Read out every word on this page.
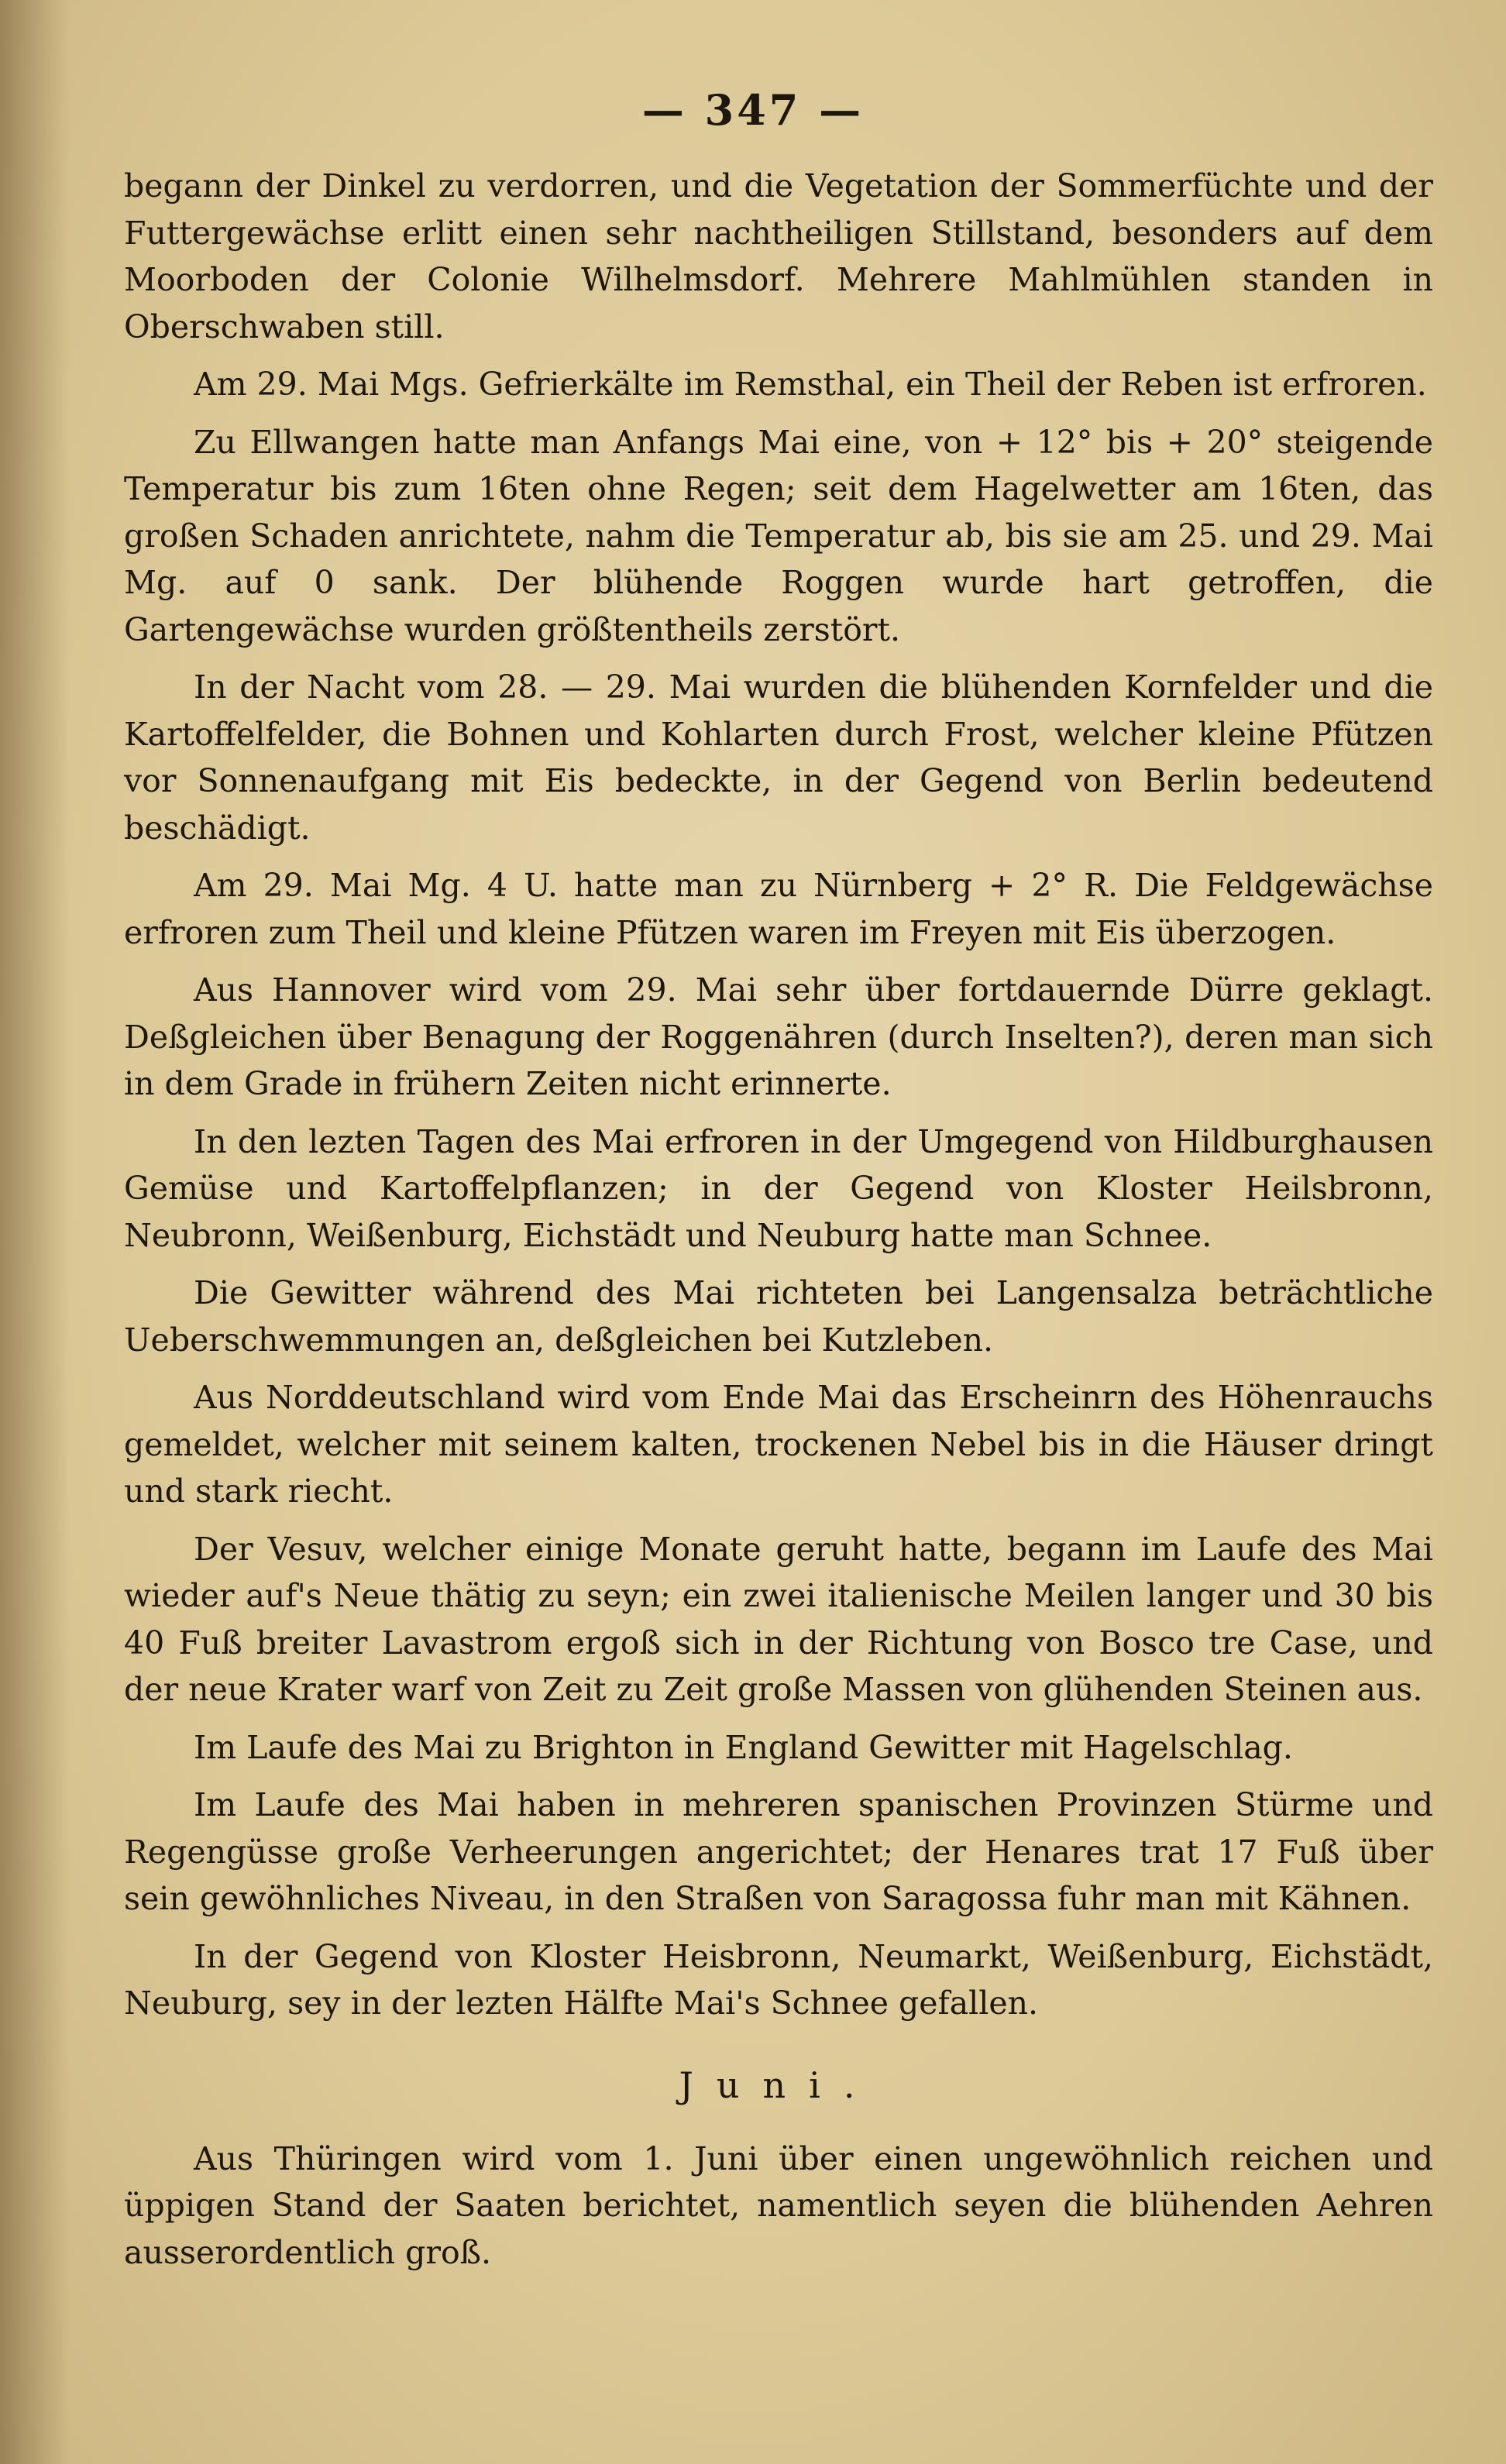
— 347 —

begann der Dinkel zu verdorren, und die Vegetation der Sommerfüchte und der Futtergewächse erlitt einen sehr nachtheiligen Stillstand, besonders auf dem Moorboden der Colonie Wilhelmsdorf. Mehrere Mahlmühlen standen in Oberschwaben still.

Am 29. Mai Mgs. Gefrierkälte im Remsthal, ein Theil der Reben ist erfroren.

Zu Ellwangen hatte man Anfangs Mai eine, von + 12° bis + 20° steigende Temperatur bis zum 16ten ohne Regen; seit dem Hagelwetter am 16ten, das großen Schaden anrichtete, nahm die Temperatur ab, bis sie am 25. und 29. Mai Mg. auf 0 sank. Der blühende Roggen wurde hart getroffen, die Gartengewächse wurden größtentheils zerstört.

In der Nacht vom 28. — 29. Mai wurden die blühenden Kornfelder und die Kartoffelfelder, die Bohnen und Kohlarten durch Frost, welcher kleine Pfützen vor Sonnenaufgang mit Eis bedeckte, in der Gegend von Berlin bedeutend beschädigt.

Am 29. Mai Mg. 4 U. hatte man zu Nürnberg + 2° R. Die Feldgewächse erfroren zum Theil und kleine Pfützen waren im Freyen mit Eis überzogen.

Aus Hannover wird vom 29. Mai sehr über fortdauernde Dürre geklagt. Deßgleichen über Benagung der Roggenähren (durch Inselten?), deren man sich in dem Grade in frühern Zeiten nicht erinnerte.

In den lezten Tagen des Mai erfroren in der Umgegend von Hildburghausen Gemüse und Kartoffelpflanzen; in der Gegend von Kloster Heilsbronn, Neubronn, Weißenburg, Eichstädt und Neuburg hatte man Schnee.

Die Gewitter während des Mai richteten bei Langensalza beträchtliche Ueberschwemmungen an, deßgleichen bei Kutzleben.

Aus Norddeutschland wird vom Ende Mai das Erscheinrn des Höhenrauchs gemeldet, welcher mit seinem kalten, trockenen Nebel bis in die Häuser dringt und stark riecht.

Der Vesuv, welcher einige Monate geruht hatte, begann im Laufe des Mai wieder auf's Neue thätig zu seyn; ein zwei italienische Meilen langer und 30 bis 40 Fuß breiter Lavastrom ergoß sich in der Richtung von Bosco tre Case, und der neue Krater warf von Zeit zu Zeit große Massen von glühenden Steinen aus.

Im Laufe des Mai zu Brighton in England Gewitter mit Hagelschlag.

Im Laufe des Mai haben in mehreren spanischen Provinzen Stürme und Regengüsse große Verheerungen angerichtet; der Henares trat 17 Fuß über sein gewöhnliches Niveau, in den Straßen von Saragossa fuhr man mit Kähnen.

In der Gegend von Kloster Heisbronn, Neumarkt, Weißenburg, Eichstädt, Neuburg, sey in der lezten Hälfte Mai's Schnee gefallen.

Juni.

Aus Thüringen wird vom 1. Juni über einen ungewöhnlich reichen und üppigen Stand der Saaten berichtet, namentlich seyen die blühenden Aehren ausserordentlich groß.
